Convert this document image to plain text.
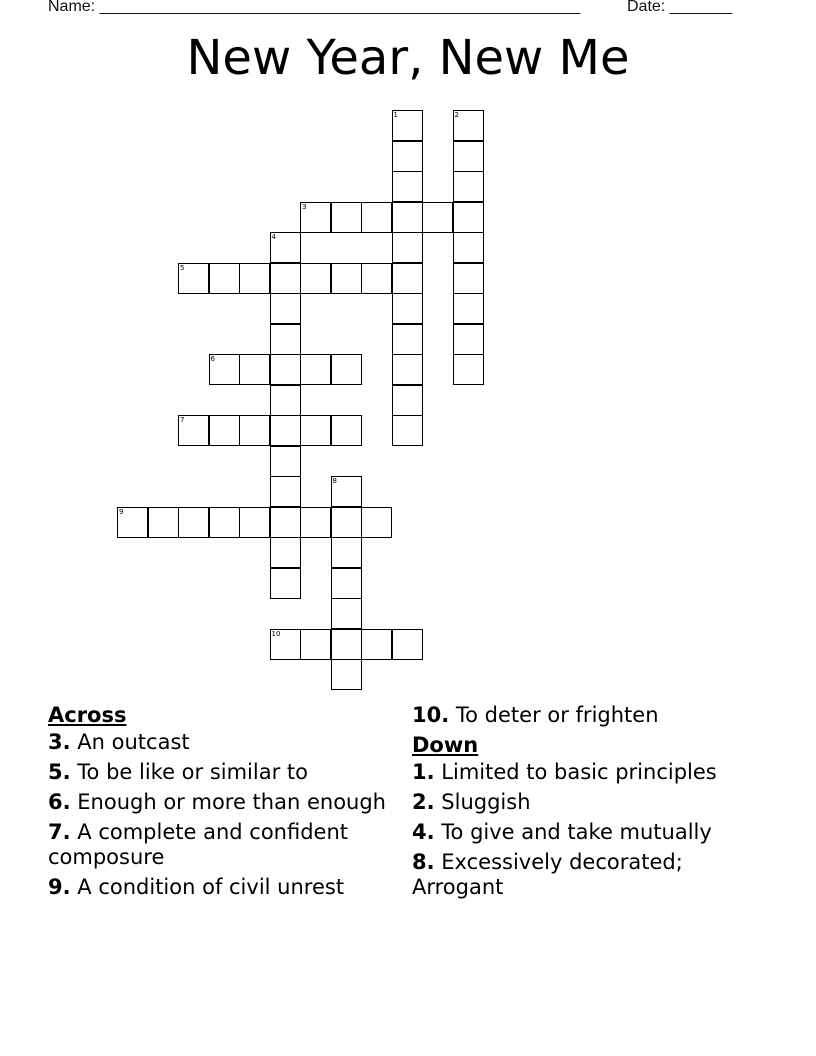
Name: ______________________________________________________	Date: _______
New Year, New Me
1	2
3
4
5
6
7
8
9
10
Across
3. An outcast
5. To be like or similar to
6. Enough or more than enough
7. A complete and confident composure
9. A condition of civil unrest
10. To deter or frighten
Down
1. Limited to basic principles
2. Sluggish
4. To give and take mutually
8. Excessively decorated; Arrogant
